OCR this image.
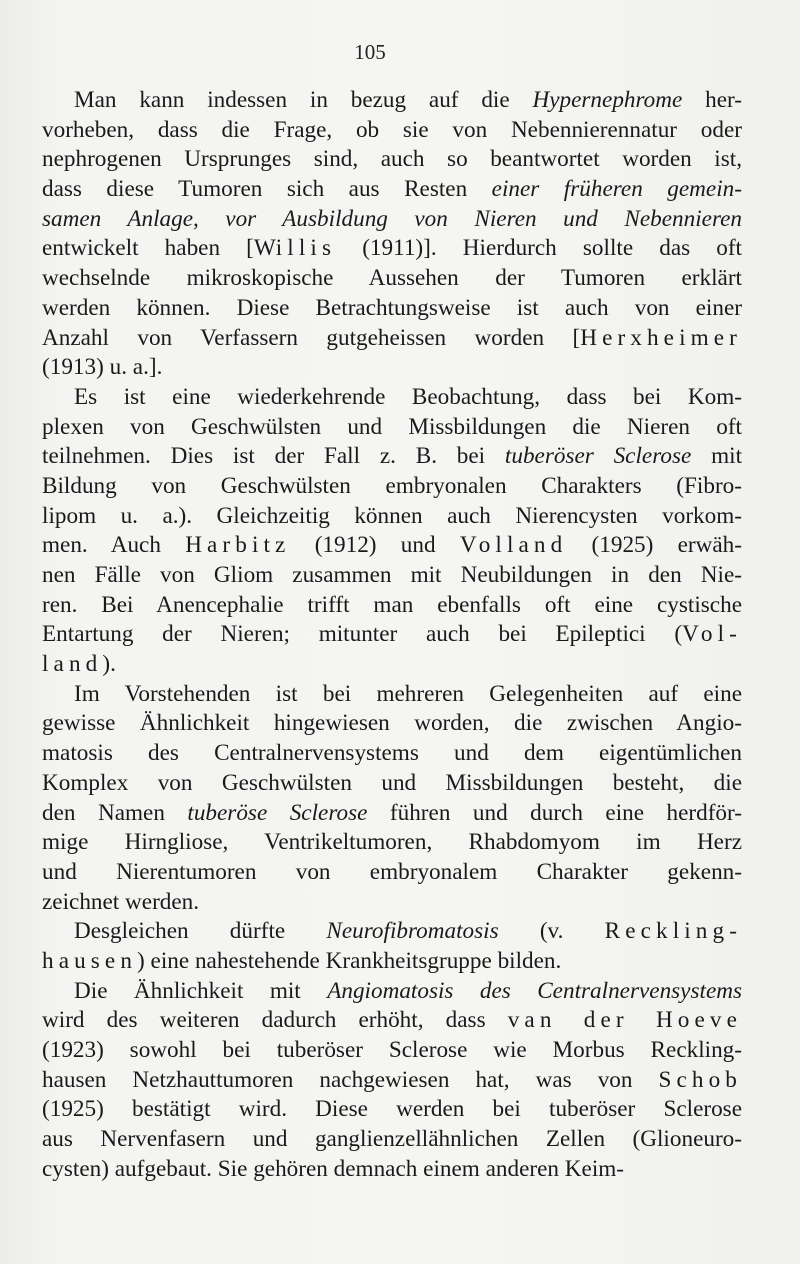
105
Man kann indessen in bezug auf die Hypernephrome her-
vorheben, dass die Frage, ob sie von Nebennierennatur oder
nephrogenen Ursprunges sind, auch so beantwortet worden ist,
dass diese Tumoren sich aus Resten einer früheren gemein-
samen Anlage, vor Ausbildung von Nieren und Nebennieren
entwickelt haben [Willis (1911)]. Hierdurch sollte das oft
wechselnde mikroskopische Aussehen der Tumoren erklärt
werden können. Diese Betrachtungsweise ist auch von einer
Anzahl von Verfassern gutgeheissen worden [Herxheimer
(1913) u. a.].
Es ist eine wiederkehrende Beobachtung, dass bei Kom-
plexen von Geschwülsten und Missbildungen die Nieren oft
teilnehmen. Dies ist der Fall z. B. bei tuberöser Sclerose mit
Bildung von Geschwülsten embryonalen Charakters (Fibro-
lipom u. a.). Gleichzeitig können auch Nierencysten vorkom-
men. Auch Harbitz (1912) und Volland (1925) erwäh-
nen Fälle von Gliom zusammen mit Neubildungen in den Nie-
ren. Bei Anencephalie trifft man ebenfalls oft eine cystische
Entartung der Nieren; mitunter auch bei Epileptici (Vol-
land).
Im Vorstehenden ist bei mehreren Gelegenheiten auf eine
gewisse Ähnlichkeit hingewiesen worden, die zwischen Angio-
matosis des Centralnervensystems und dem eigentümlichen
Komplex von Geschwülsten und Missbildungen besteht, die
den Namen tuberöse Sclerose führen und durch eine herdför-
mige Hirngliose, Ventrikeltumoren, Rhabdomyom im Herz
und Nierentumoren von embryonalem Charakter gekenn-
zeichnet werden.
Desgleichen dürfte Neurofibromatosis (v. Reckling-
hausen) eine nahestehende Krankheitsgruppe bilden.
Die Ähnlichkeit mit Angiomatosis des Centralnervensystems
wird des weiteren dadurch erhöht, dass van der Hoeve
(1923) sowohl bei tuberöser Sclerose wie Morbus Reckling-
hausen Netzhauttumoren nachgewiesen hat, was von Schob
(1925) bestätigt wird. Diese werden bei tuberöser Sclerose
aus Nervenfasern und ganglienzellähnlichen Zellen (Glioneuro-
cysten) aufgebaut. Sie gehören demnach einem anderen Keim-
